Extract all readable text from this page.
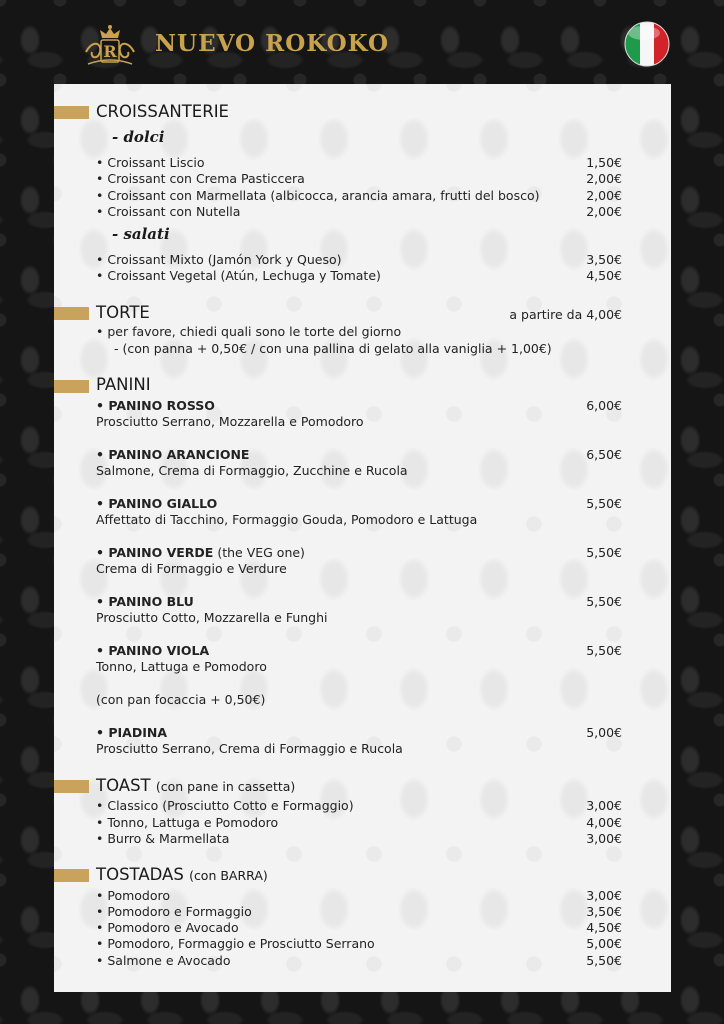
R NUEVO ROKOKO
CROISSANTERIE
- dolci
• Croissant Liscio	1,50€
• Croissant con Crema Pasticcera	2,00€
• Croissant con Marmellata (albicocca, arancia amara, frutti del bosco)	2,00€
• Croissant con Nutella	2,00€
- salati
• Croissant Mixto (Jamón York y Queso)	3,50€
• Croissant Vegetal (Atún, Lechuga y Tomate)	4,50€
TORTE	a partire da 4,00€
• per favore, chiedi quali sono le torte del giorno
- (con panna + 0,50€ / con una pallina di gelato alla vaniglia + 1,00€)
PANINI
• PANINO ROSSO	6,00€
Prosciutto Serrano, Mozzarella e Pomodoro
• PANINO ARANCIONE	6,50€
Salmone, Crema di Formaggio, Zucchine e Rucola
• PANINO GIALLO	5,50€
Affettato di Tacchino, Formaggio Gouda, Pomodoro e Lattuga
• PANINO VERDE (the VEG one)	5,50€
Crema di Formaggio e Verdure
• PANINO BLU	5,50€
Prosciutto Cotto, Mozzarella e Funghi
• PANINO VIOLA	5,50€
Tonno, Lattuga e Pomodoro
(con pan focaccia + 0,50€)
• PIADINA	5,00€
Prosciutto Serrano, Crema di Formaggio e Rucola
TOAST (con pane in cassetta)
• Classico (Prosciutto Cotto e Formaggio)	3,00€
• Tonno, Lattuga e Pomodoro	4,00€
• Burro & Marmellata	3,00€
TOSTADAS (con BARRA)
• Pomodoro	3,00€
• Pomodoro e Formaggio	3,50€
• Pomodoro e Avocado	4,50€
• Pomodoro, Formaggio e Prosciutto Serrano	5,00€
• Salmone e Avocado	5,50€
